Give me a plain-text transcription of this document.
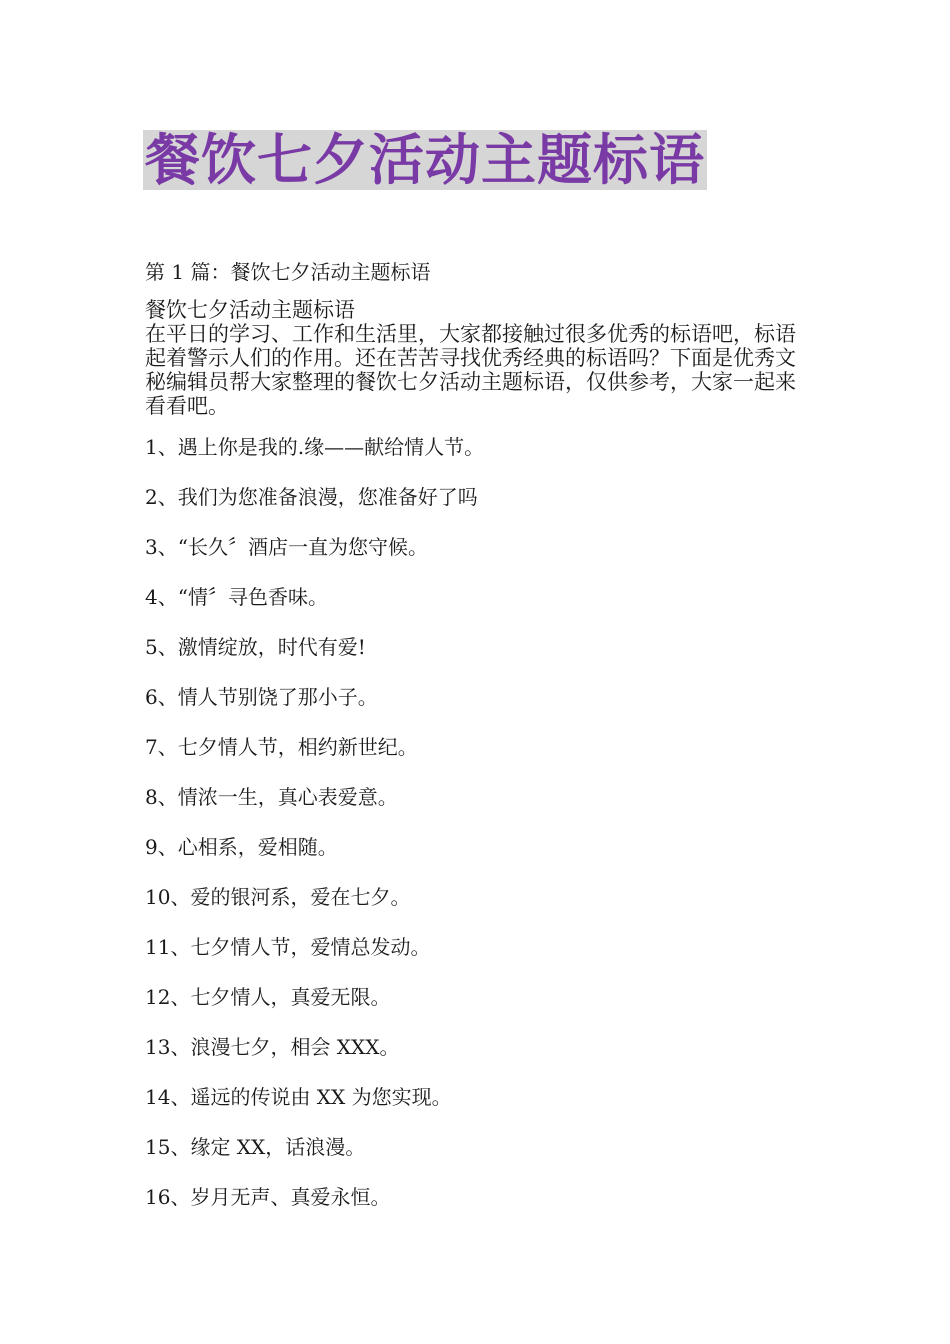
餐饮七夕活动主题标语
第 1 篇：餐饮七夕活动主题标语
餐饮七夕活动主题标语
在平日的学习、工作和生活里，大家都接触过很多优秀的标语吧，标语起着警示人们的作用。还在苦苦寻找优秀经典的标语吗？下面是优秀文秘编辑员帮大家整理的餐饮七夕活动主题标语，仅供参考，大家一起来看看吧。
1、遇上你是我的.缘——献给情人节。
2、我们为您准备浪漫，您准备好了吗
3、“长久〞酒店一直为您守候。
4、“情〞寻色香味。
5、激情绽放，时代有爱!
6、情人节别饶了那小子。
7、七夕情人节，相约新世纪。
8、情浓一生，真心表爱意。
9、心相系，爱相随。
10、爱的银河系，爱在七夕。
11、七夕情人节，爱情总发动。
12、七夕情人，真爱无限。
13、浪漫七夕，相会 XXX。
14、遥远的传说由 XX 为您实现。
15、缘定 XX，话浪漫。
16、岁月无声、真爱永恒。
